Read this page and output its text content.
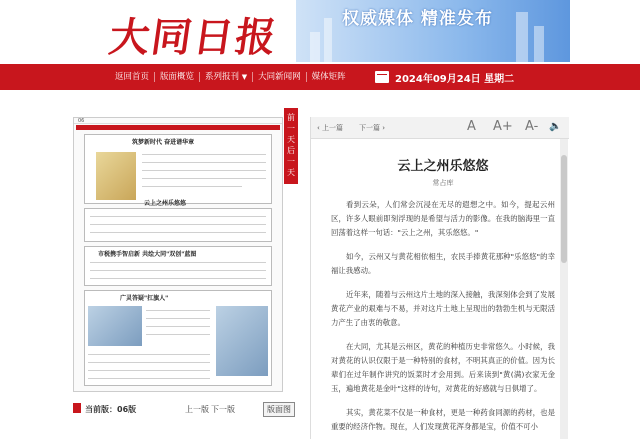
大同日报	权威媒体 精准发布
返回首页	版面概览	系列报刊 ▼	大同新闻网	媒体矩阵	2024年09月24日 星期二
06
筑梦新时代 奋进谱华章
云上之州乐悠悠
市税携手智启新 共绘大同"双创"蓝图
广灵答疑"扛旗人"
前一天后一天
当前版：06版	上一版 下一版	版面图
‹ 上一篇 下一篇 ›	A A+ A- 🔈
云上之州乐悠悠
常占库

看到云朵，人们常会沉浸在无尽的遐想之中。如今，提起云州区，许多人眼前即刻浮现的是希望与活力的影像。在我的脑海里一直回荡着这样一句话："云上之州，其乐悠悠。"

如今，云州又与黄花相依相生，农民手捧黄花那种"乐悠悠"的幸福让我感动。

近年来，随着与云州这片土地的深入接触，我深刻体会到了发展黄花产业的艰难与不易，并对这片土地上呈现出的勃勃生机与无限活力产生了由衷的敬意。

在大同，尤其是云州区，黄花的种植历史非常悠久。小时候，我对黄花的认识仅限于是一种特别的食材，不明其真正的价值。因为长辈们在过年制作讲究的饭菜时才会用到。后来读到"黄(满)衣家无金玉，遍地黄花是金叶"这样的诗句，对黄花的好感就与日俱增了。

其实，黄花菜不仅是一种食材，更是一种药食同源的药材，也是重要的经济作物。现在，人们发现黄花浑身都是宝，价值不可小
